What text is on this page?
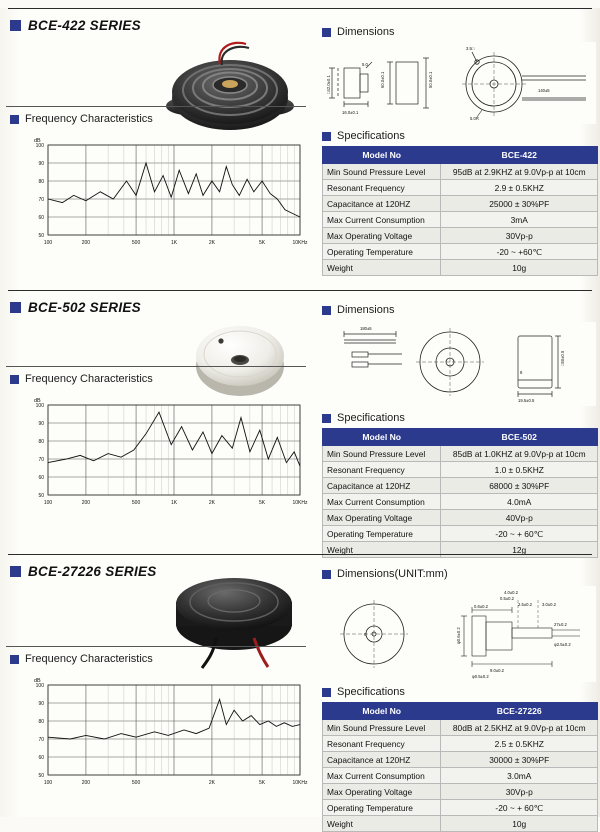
BCE-422 SERIES
Frequency Characteristics
50
60
70
80
90
100
100	200	500	1K	2K	5K	10KHz
dB
Dimensions
□42.0±0.1
16.0±0.1
5.0
60.0±0.1	50.0±0.1
3.5□
5.0R
140±5
Specifications
Model No	BCE-422
Min Sound Pressure Level	95dB at 2.9KHZ at 9.0Vp-p at 10cm
Resonant Frequency	2.9 ± 0.5KHZ
Capacitance at 120HZ	25000 ± 30%PF
Max Current Consumption	3mA
Max Operating Voltage	30Vp-p
Operating Temperature	-20 ~ +60℃
Weight	10g
BCE-502 SERIES
Frequency Characteristics
50
60
70
80
90
100
100	200	500	1K	2K	5K	10KHz
dB
Dimensions
180±5
□50±0.5
8
19.5±0.5
Specifications
Model No	BCE-502
Min Sound Pressure Level	85dB at 1.0KHZ at 9.0Vp-p at 10cm
Resonant Frequency	1.0 ± 0.5KHZ
Capacitance at 120HZ	68000 ± 30%PF
Max Current Consumption	4.0mA
Max Operating Voltage	40Vp-p
Operating Temperature	-20 ~ + 60℃
Weight	12g
BCE-27226 SERIES
Frequency Characteristics
50
60
70
80
90
100
100	200	500	2K	5K	10KHz
dB
Dimensions(UNIT:mm)
0
4.0±0.2
0.5±0.2
2.5±0.2 3.0±0.2
0.6±0.2
φ0.6±0.2
9.0±0.2
27±0.2
φ2.5±0.2
φ0.5±0.2
Specifications
Model No	BCE-27226
Min Sound Pressure Level	80dB at 2.5KHZ at 9.0Vp-p at 10cm
Resonant Frequency	2.5 ± 0.5KHZ
Capacitance at 120HZ	30000 ± 30%PF
Max Current Consumption	3.0mA
Max Operating Voltage	30Vp-p
Operating Temperature	-20 ~ + 60℃
Weight	10g
